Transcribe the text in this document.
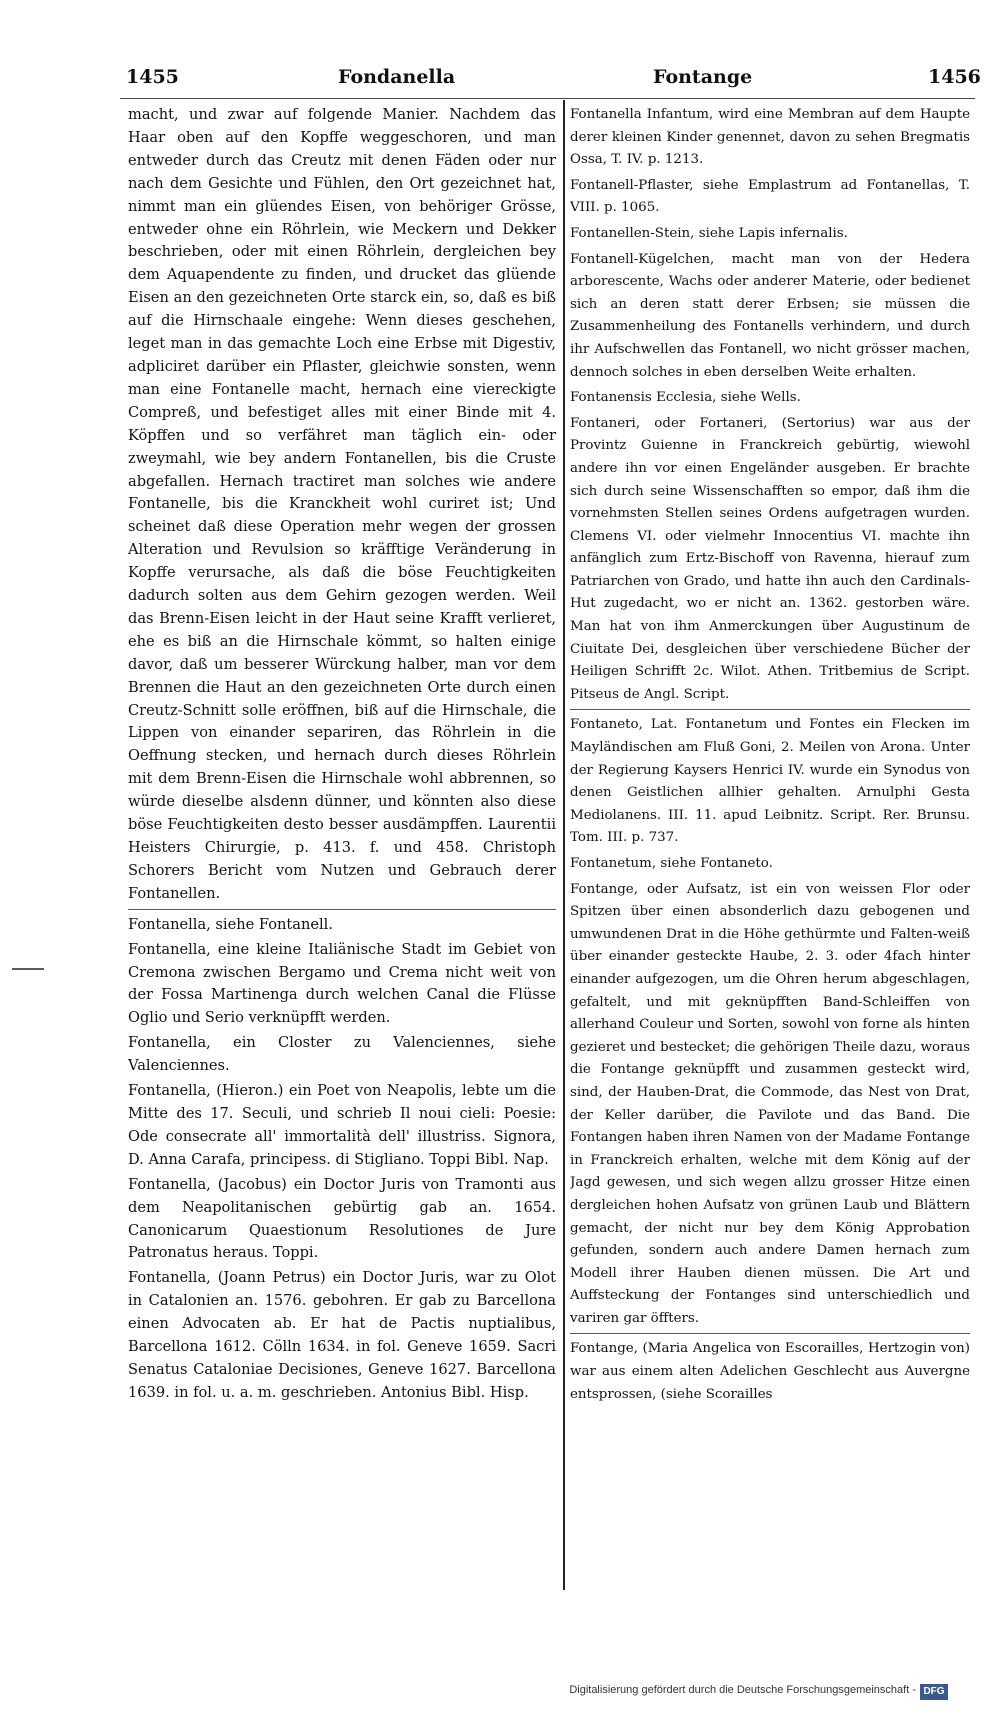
1455	Fondanella	Fontange	1456

macht, und zwar auf folgende Manier. Nachdem das Haar oben auf den Kopffe weggeschoren, und man entweder durch das Creutz mit denen Fäden oder nur nach dem Gesichte und Fühlen, den Ort gezeichnet hat, nimmt man ein glüendes Eisen, von behöriger Grösse, entweder ohne ein Röhrlein, wie Meckern und Dekker beschrieben, oder mit einen Röhrlein, dergleichen bey dem Aquapendente zu finden, und drucket das glüende Eisen an den gezeichneten Orte starck ein, so, daß es biß auf die Hirnschaale eingehe: Wenn dieses geschehen, leget man in das gemachte Loch eine Erbse mit Digestiv, adpliciret darüber ein Pflaster, gleichwie sonsten, wenn man eine Fontanelle macht, hernach eine viereckigte Compreß, und befestiget alles mit einer Binde mit 4. Köpffen und so verfähret man täglich ein- oder zweymahl, wie bey andern Fontanellen, bis die Cruste abgefallen. Hernach tractiret man solches wie andere Fontanelle, bis die Kranckheit wohl curiret ist; Und scheinet daß diese Operation mehr wegen der grossen Alteration und Revulsion so kräfftige Veränderung in Kopffe verursache, als daß die böse Feuchtigkeiten dadurch solten aus dem Gehirn gezogen werden. Weil das Brenn-Eisen leicht in der Haut seine Krafft verlieret, ehe es biß an die Hirnschale kömmt, so halten einige davor, daß um besserer Würckung halber, man vor dem Brennen die Haut an den gezeichneten Orte durch einen Creutz-Schnitt solle eröffnen, biß auf die Hirnschale, die Lippen von einander separiren, das Röhrlein in die Oeffnung stecken, und hernach durch dieses Röhrlein mit dem Brenn-Eisen die Hirnschale wohl abbrennen, so würde dieselbe alsdenn dünner, und könnten also diese böse Feuchtigkeiten desto besser ausdämpffen. Laurentii Heisters Chirurgie, p. 413. f. und 458. Christoph Schorers Bericht vom Nutzen und Gebrauch derer Fontanellen.

Fontanella, siehe Fontanell.

Fontanella, eine kleine Italiänische Stadt im Gebiet von Cremona zwischen Bergamo und Crema nicht weit von der Fossa Martinenga durch welchen Canal die Flüsse Oglio und Serio verknüpfft werden.

Fontanella, ein Closter zu Valenciennes, siehe Valenciennes.

Fontanella, (Hieron.) ein Poet von Neapolis, lebte um die Mitte des 17. Seculi, und schrieb Il noui cieli: Poesie: Ode consecrate all' immortalità dell' illustriss. Signora, D. Anna Carafa, principess. di Stigliano. Toppi Bibl. Nap.

Fontanella, (Jacobus) ein Doctor Juris von Tramonti aus dem Neapolitanischen gebürtig gab an. 1654. Canonicarum Quaestionum Resolutiones de Jure Patronatus heraus. Toppi.

Fontanella, (Joann Petrus) ein Doctor Juris, war zu Olot in Catalonien an. 1576. gebohren. Er gab zu Barcellona einen Advocaten ab. Er hat de Pactis nuptialibus, Barcellona 1612. Cölln 1634. in fol. Geneve 1659. Sacri Senatus Cataloniae Decisiones, Geneve 1627. Barcellona 1639. in fol. u. a. m. geschrieben. Antonius Bibl. Hisp.

Fontanella Infantum, wird eine Membran auf dem Haupte derer kleinen Kinder genennet, davon zu sehen Bregmatis Ossa, T. IV. p. 1213.

Fontanell-Pflaster, siehe Emplastrum ad Fontanellas, T. VIII. p. 1065.

Fontanellen-Stein, siehe Lapis infernalis.

Fontanell-Kügelchen, macht man von der Hedera arborescente, Wachs oder anderer Materie, oder bedienet sich an deren statt derer Erbsen; sie müssen die Zusammenheilung des Fontanells verhindern, und durch ihr Aufschwellen das Fontanell, wo nicht grösser machen, dennoch solches in eben derselben Weite erhalten.

Fontanensis Ecclesia, siehe Wells.

Fontaneri, oder Fortaneri, (Sertorius) war aus der Provintz Guienne in Franckreich gebürtig, wiewohl andere ihn vor einen Engeländer ausgeben. Er brachte sich durch seine Wissenschafften so empor, daß ihm die vornehmsten Stellen seines Ordens aufgetragen wurden. Clemens VI. oder vielmehr Innocentius VI. machte ihn anfänglich zum Ertz-Bischoff von Ravenna, hierauf zum Patriarchen von Grado, und hatte ihn auch den Cardinals-Hut zugedacht, wo er nicht an. 1362. gestorben wäre. Man hat von ihm Anmerckungen über Augustinum de Ciuitate Dei, desgleichen über verschiedene Bücher der Heiligen Schrifft 2c. Wilot. Athen. Tritbemius de Script. Pitseus de Angl. Script.

Fontaneto, Lat. Fontanetum und Fontes ein Flecken im Mayländischen am Fluß Goni, 2. Meilen von Arona. Unter der Regierung Kaysers Henrici IV. wurde ein Synodus von denen Geistlichen allhier gehalten. Arnulphi Gesta Mediolanens. III. 11. apud Leibnitz. Script. Rer. Brunsu. Tom. III. p. 737.

Fontanetum, siehe Fontaneto.

Fontange, oder Aufsatz, ist ein von weissen Flor oder Spitzen über einen absonderlich dazu gebogenen und umwundenen Drat in die Höhe gethürmte und Falten-weiß über einander gesteckte Haube, 2. 3. oder 4fach hinter einander aufgezogen, um die Ohren herum abgeschlagen, gefaltelt, und mit geknüpfften Band-Schleiffen von allerhand Couleur und Sorten, sowohl von forne als hinten gezieret und bestecket; die gehörigen Theile dazu, woraus die Fontange geknüpfft und zusammen gesteckt wird, sind, der Hauben-Drat, die Commode, das Nest von Drat, der Keller darüber, die Pavilote und das Band. Die Fontangen haben ihren Namen von der Madame Fontange in Franckreich erhalten, welche mit dem König auf der Jagd gewesen, und sich wegen allzu grosser Hitze einen dergleichen hohen Aufsatz von grünen Laub und Blättern gemacht, der nicht nur bey dem König Approbation gefunden, sondern auch andere Damen hernach zum Modell ihrer Hauben dienen müssen. Die Art und Auffsteckung der Fontanges sind unterschiedlich und variren gar öffters.

Fontange, (Maria Angelica von Escorailles, Hertzogin von) war aus einem alten Adelichen Geschlecht aus Auvergne entsprossen, (siehe Scorailles

Digitalisierung gefördert durch die Deutsche Forschungsgemeinschaft - DFG
